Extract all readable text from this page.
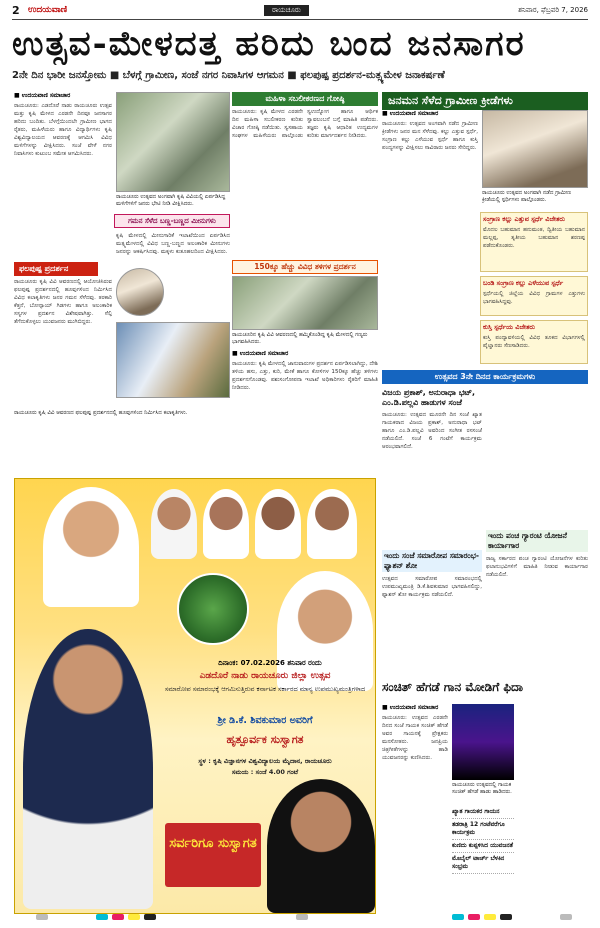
2 ಉದಯವಾಣಿ	ರಾಯಚೂರು	ಶನಿವಾರ, ಫೆಬ್ರವರಿ 7, 2026
ಉತ್ಸವ-ಮೇಳದತ್ತ ಹರಿದು ಬಂದ ಜನಸಾಗರ
2ನೇ ದಿನ ಭಾರೀ ಜನಸ್ತೋಮ ■ ಬೆಳಗ್ಗೆ ಗ್ರಾಮೀಣ, ಸಂಜೆ ನಗರ ನಿವಾಸಿಗಳ ಆಗಮನ ■ ಫಲಪುಷ್ಪ ಪ್ರದರ್ಶನ-ಮತ್ಸ್ಯಮೇಳ ಜನಾಕರ್ಷಣೆ
■ ಉದಯವಾಣಿ ಸಮಾಚಾರ
ರಾಯಚೂರು: ಎಡದೊರೆ ನಾಡು ರಾಯಚೂರು ಉತ್ಸವ ಮತ್ತು ಕೃಷಿ ಮೇಳದ ಎರಡನೇ ದಿನವೂ ಜನಸಾಗರ ಹರಿದು ಬಂದಿತು. ಬೆಳಗ್ಗೆಯಿಂದಲೇ ಗ್ರಾಮೀಣ ಭಾಗದ ರೈತರು, ಮಹಿಳೆಯರು ಹಾಗೂ ವಿದ್ಯಾರ್ಥಿಗಳು ಕೃಷಿ ವಿಶ್ವವಿದ್ಯಾಲಯದ ಆವರಣಕ್ಕೆ ಆಗಮಿಸಿ ವಿವಿಧ ಮಳಿಗೆಗಳನ್ನು ವೀಕ್ಷಿಸಿದರು. ಸಂಜೆ ವೇಳೆ ನಗರ ನಿವಾಸಿಗಳು ಕುಟುಂಬ ಸಮೇತ ಆಗಮಿಸಿದರು.
ರಾಯಚೂರು ಉತ್ಸವದ ಅಂಗವಾಗಿ ಕೃಷಿ ವಿವಿಯಲ್ಲಿ ಏರ್ಪಡಿಸಿದ್ದ ಮಳಿಗೆಗಳಿಗೆ ಜನರು ಭೇಟಿ ನೀಡಿ ವೀಕ್ಷಿಸಿದರು.
ಫಲಪುಷ್ಪ ಪ್ರದರ್ಶನ
ರಾಯಚೂರು ಕೃಷಿ ವಿವಿ ಆವರಣದಲ್ಲಿ ಆಯೋಜಿಸಿರುವ ಫಲಪುಷ್ಪ ಪ್ರದರ್ಶನದಲ್ಲಿ ಹೂವುಗಳಿಂದ ನಿರ್ಮಿಸಿದ ವಿವಿಧ ಕಲಾಕೃತಿಗಳು ಜನರ ಗಮನ ಸೆಳೆದವು. ತರಕಾರಿ ಕೆತ್ತನೆ, ಬೋನ್ಸಾಯ್ ಗಿಡಗಳು ಹಾಗೂ ಅಲಂಕಾರಿಕ ಸಸ್ಯಗಳ ಪ್ರದರ್ಶನ ವಿಶೇಷವಾಗಿತ್ತು. ಸೆಲ್ಫಿ ತೆಗೆದುಕೊಳ್ಳಲು ಯುವಜನರು ಮುಗಿಬಿದ್ದರು.
ಗಮನ ಸೆಳೆದ ಬಣ್ಣ-ಬಣ್ಣದ ಮೀನುಗಳು
ಕೃಷಿ ಮೇಳದಲ್ಲಿ ಮೀನುಗಾರಿಕೆ ಇಲಾಖೆಯಿಂದ ಏರ್ಪಡಿಸಿದ ಮತ್ಸ್ಯಮೇಳದಲ್ಲಿ ವಿವಿಧ ಬಣ್ಣ-ಬಣ್ಣದ ಅಲಂಕಾರಿಕ ಮೀನುಗಳು ಜನರನ್ನು ಆಕರ್ಷಿಸಿದವು. ಮಕ್ಕಳು ಕುತೂಹಲದಿಂದ ವೀಕ್ಷಿಸಿದರು.
ರಾಯಚೂರು ಕೃಷಿ ವಿವಿ ಆವರಣದ ಫಲಪುಷ್ಪ ಪ್ರದರ್ಶನದಲ್ಲಿ ಹೂವುಗಳಿಂದ ನಿರ್ಮಿಸಿದ ಕಲಾಕೃತಿಗಳು.
ಮಹಿಳಾ ಸಬಲೀಕರಣದ ಗೋಷ್ಠಿ
ರಾಯಚೂರು: ಕೃಷಿ ಮೇಳದ ಎರಡನೇ ದಿನ ಮಹಿಳಾ ಸಬಲೀಕರಣ ಕುರಿತು ವಿಚಾರ ಗೋಷ್ಠಿ ನಡೆಯಿತು. ಸ್ವಸಹಾಯ ಸಂಘಗಳ ಮಹಿಳೆಯರು ಪಾಲ್ಗೊಂಡು ಸ್ವಉದ್ಯೋಗ ಹಾಗೂ ಆರ್ಥಿಕ ಸ್ವಾವಲಂಬನೆ ಬಗ್ಗೆ ಮಾಹಿತಿ ಪಡೆದರು. ತಜ್ಞರು ಕೃಷಿ ಆಧಾರಿತ ಉದ್ಯಮಗಳ ಕುರಿತು ಮಾರ್ಗದರ್ಶನ ನೀಡಿದರು.
150ಕ್ಕೂ ಹೆಚ್ಚು ವಿವಿಧ ತಳಿಗಳ ಪ್ರದರ್ಶನ
ರಾಯಚೂರಿನ ಕೃಷಿ ವಿವಿ ಆವರಣದಲ್ಲಿ ಹಮ್ಮಿಕೊಂಡಿದ್ದ ಕೃಷಿ ಮೇಳದಲ್ಲಿ ಗಣ್ಯರು ಭಾಗವಹಿಸಿದರು.
■ ಉದಯವಾಣಿ ಸಮಾಚಾರ
ರಾಯಚೂರು: ಕೃಷಿ ಮೇಳದಲ್ಲಿ ಜಾನುವಾರುಗಳ ಪ್ರದರ್ಶನ ಏರ್ಪಡಿಸಲಾಗಿದ್ದು, ದೇಶಿ ತಳಿಯ ಹಸು, ಎತ್ತು, ಕುರಿ, ಮೇಕೆ ಹಾಗೂ ಕೋಳಿಗಳ 150ಕ್ಕೂ ಹೆಚ್ಚು ತಳಿಗಳು ಪ್ರದರ್ಶನಗೊಂಡವು. ಪಶುಸಂಗೋಪನಾ ಇಲಾಖೆ ಅಧಿಕಾರಿಗಳು ರೈತರಿಗೆ ಮಾಹಿತಿ ನೀಡಿದರು.
ಜನಮನ ಸೆಳೆದ ಗ್ರಾಮೀಣ ಕ್ರೀಡೆಗಳು
■ ಉದಯವಾಣಿ ಸಮಾಚಾರ
ರಾಯಚೂರು: ಉತ್ಸವದ ಅಂಗವಾಗಿ ನಡೆದ ಗ್ರಾಮೀಣ ಕ್ರೀಡೆಗಳು ಜನರ ಮನ ಸೆಳೆದವು. ಕಲ್ಲು ಎತ್ತುವ ಸ್ಪರ್ಧೆ, ಸಂಗ್ರಾಣ ಕಲ್ಲು ಎಳೆಯುವ ಸ್ಪರ್ಧೆ ಹಾಗೂ ಕುಸ್ತಿ ಪಂದ್ಯಗಳನ್ನು ವೀಕ್ಷಿಸಲು ಸಾವಿರಾರು ಜನರು ಸೇರಿದ್ದರು.
ರಾಯಚೂರು ಉತ್ಸವದ ಅಂಗವಾಗಿ ನಡೆದ ಗ್ರಾಮೀಣ ಕ್ರೀಡೆಯಲ್ಲಿ ಸ್ಪರ್ಧಿಗಳು ಪಾಲ್ಗೊಂಡರು.
ಸಂಗ್ರಾಣ ಕಲ್ಲು ಎತ್ತುವ ಸ್ಪರ್ಧೆ ವಿಜೇತರು
ಮೊದಲ ಬಹುಮಾನ ಹನುಮಂತ, ದ್ವಿತೀಯ ಬಹುಮಾನ ಮಲ್ಲಪ್ಪ, ತೃತೀಯ ಬಹುಮಾನ ಶರಣಪ್ಪ ಪಡೆದುಕೊಂಡರು.
ಬಂಡಿ ಸಂಗ್ರಾಣ ಕಲ್ಲು ಎಳೆಯುವ ಸ್ಪರ್ಧೆ
ಸ್ಪರ್ಧೆಯಲ್ಲಿ ಜಿಲ್ಲೆಯ ವಿವಿಧ ಗ್ರಾಮಗಳ ಎತ್ತುಗಳು ಭಾಗವಹಿಸಿದ್ದವು.
ಕುಸ್ತಿ ಸ್ಪರ್ಧೆಯ ವಿಜೇತರು
ಕುಸ್ತಿ ಪಂದ್ಯಾವಳಿಯಲ್ಲಿ ವಿವಿಧ ತೂಕದ ವಿಭಾಗಗಳಲ್ಲಿ ಪೈಲ್ವಾನರು ಸೆಣಸಾಡಿದರು.
ಉತ್ಸವದ 3ನೇ ದಿನದ ಕಾರ್ಯಕ್ರಮಗಳು
ವಿಜಯ ಪ್ರಕಾಶ್, ಅನುರಾಧಾ ಭಟ್, ಎಂ.ಡಿ.ಪಲ್ಲವಿ ಹಾಡುಗಳ ಸಂಜೆ
ರಾಯಚೂರು: ಉತ್ಸವದ ಮೂರನೇ ದಿನ ಸಂಜೆ ಖ್ಯಾತ ಗಾಯಕರಾದ ವಿಜಯ ಪ್ರಕಾಶ್, ಅನುರಾಧಾ ಭಟ್ ಹಾಗೂ ಎಂ.ಡಿ.ಪಲ್ಲವಿ ಅವರಿಂದ ಸಂಗೀತ ರಸಸಂಜೆ ನಡೆಯಲಿದೆ. ಸಂಜೆ 6 ಗಂಟೆಗೆ ಕಾರ್ಯಕ್ರಮ ಆರಂಭವಾಗಲಿದೆ.
ಇಂದು ಸಂಜೆ ಸಮಾರೋಪ ಸಮಾರಂಭ-ಫ್ಯಾಶನ್ ಶೋ
ಉತ್ಸವದ ಸಮಾರೋಪ ಸಮಾರಂಭದಲ್ಲಿ ಉಪಮುಖ್ಯಮಂತ್ರಿ ಡಿ.ಕೆ.ಶಿವಕುಮಾರ ಭಾಗವಹಿಸಲಿದ್ದು, ಫ್ಯಾಶನ್ ಶೋ ಕಾರ್ಯಕ್ರಮ ನಡೆಯಲಿದೆ.
ಇಂದು ಪಂಚ ಗ್ಯಾರಂಟಿ ಯೋಜನೆ ಕಾರ್ಯಾಗಾರ
ರಾಜ್ಯ ಸರ್ಕಾರದ ಪಂಚ ಗ್ಯಾರಂಟಿ ಯೋಜನೆಗಳ ಕುರಿತು ಫಲಾನುಭವಿಗಳಿಗೆ ಮಾಹಿತಿ ನೀಡುವ ಕಾರ್ಯಾಗಾರ ನಡೆಯಲಿದೆ.
ಸಂಚಿತ್ ಹೆಗಡೆ ಗಾನ ಮೋಡಿಗೆ ಫಿದಾ
■ ಉದಯವಾಣಿ ಸಮಾಚಾರ
ರಾಯಚೂರು: ಉತ್ಸವದ ಎರಡನೇ ದಿನದ ಸಂಜೆ ಗಾಯಕ ಸಂಚಿತ್ ಹೆಗಡೆ ಅವರ ಗಾಯನಕ್ಕೆ ಪ್ರೇಕ್ಷಕರು ಮನಸೋತರು. ಜನಪ್ರಿಯ ಚಿತ್ರಗೀತೆಗಳನ್ನು ಹಾಡಿ ಯುವಜನರನ್ನು ಕುಣಿಸಿದರು.
ರಾಯಚೂರು ಉತ್ಸವದಲ್ಲಿ ಗಾಯಕ ಸಂಚಿತ್ ಹೆಗಡೆ ಹಾಡು ಹಾಡಿದರು.
ಖ್ಯಾತ ಗಾಯಕರ ಗಾಯನ
ತಡರಾತ್ರಿ 12 ಗಂಟೆವರೆಗೂ ಕಾರ್ಯಕ್ರಮ
ಕುಣಿದು ಕುಪ್ಪಳಿಸಿದ ಯುವಜನತೆ
ಮೊಬೈಲ್ ಟಾರ್ಚ್ ಬೆಳಕಿನ ಸಂಭ್ರಮ
ದಿನಾಂಕ: 07.02.2026 ಶನಿವಾರ ರಂದು
ಎಡದೊರೆ ನಾಡು ರಾಯಚೂರು ಜಿಲ್ಲಾ ಉತ್ಸವ
ಸಮಾರೋಪ ಸಮಾರಂಭಕ್ಕೆ ಆಗಮಿಸುತ್ತಿರುವ ಕರ್ನಾಟಕ ಸರ್ಕಾರದ ಮಾನ್ಯ ಉಪಮುಖ್ಯಮಂತ್ರಿಗಳಾದ
ಶ್ರೀ ಡಿ.ಕೆ. ಶಿವಕುಮಾರ ಅವರಿಗೆ
ಹೃತ್ಪೂರ್ವಕ ಸುಸ್ವಾಗತ
ಸ್ಥಳ : ಕೃಷಿ ವಿಜ್ಞಾನಗಳ ವಿಶ್ವವಿದ್ಯಾಲಯ ಮೈದಾನ, ರಾಯಚೂರು
ಸಮಯ : ಸಂಜೆ 4.00 ಗಂಟೆ
ಸರ್ವರಿಗೂ ಸುಸ್ವಾಗತ
